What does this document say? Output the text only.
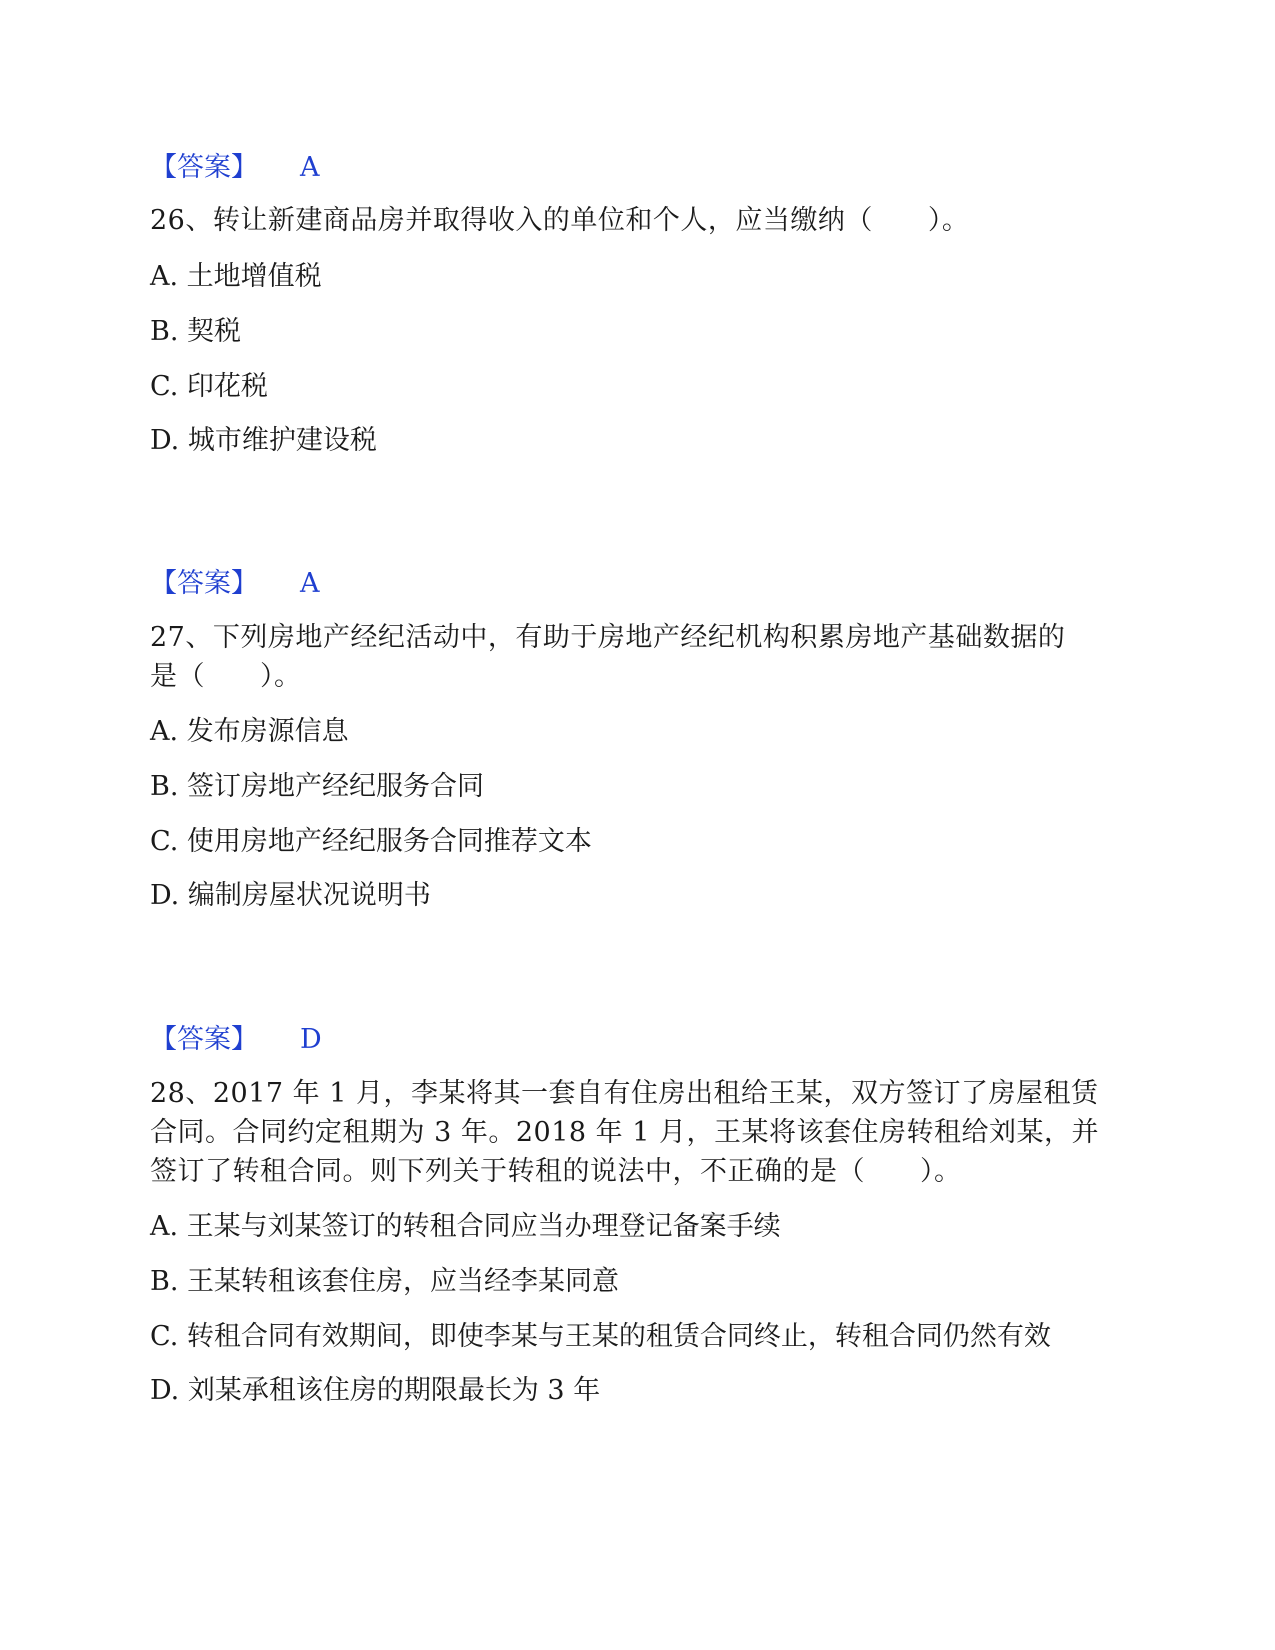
【答案】 A
26、转让新建商品房并取得收入的单位和个人，应当缴纳（　　）。
A. 土地增值税
B. 契税
C. 印花税
D. 城市维护建设税
【答案】 A
27、下列房地产经纪活动中，有助于房地产经纪机构积累房地产基础数据的
是（　　）。
A. 发布房源信息
B. 签订房地产经纪服务合同
C. 使用房地产经纪服务合同推荐文本
D. 编制房屋状况说明书
【答案】 D
28、2017 年 1 月，李某将其一套自有住房出租给王某，双方签订了房屋租赁
合同。合同约定租期为 3 年。2018 年 1 月，王某将该套住房转租给刘某，并
签订了转租合同。则下列关于转租的说法中，不正确的是（　　）。
A. 王某与刘某签订的转租合同应当办理登记备案手续
B. 王某转租该套住房，应当经李某同意
C. 转租合同有效期间，即使李某与王某的租赁合同终止，转租合同仍然有效
D. 刘某承租该住房的期限最长为 3 年
